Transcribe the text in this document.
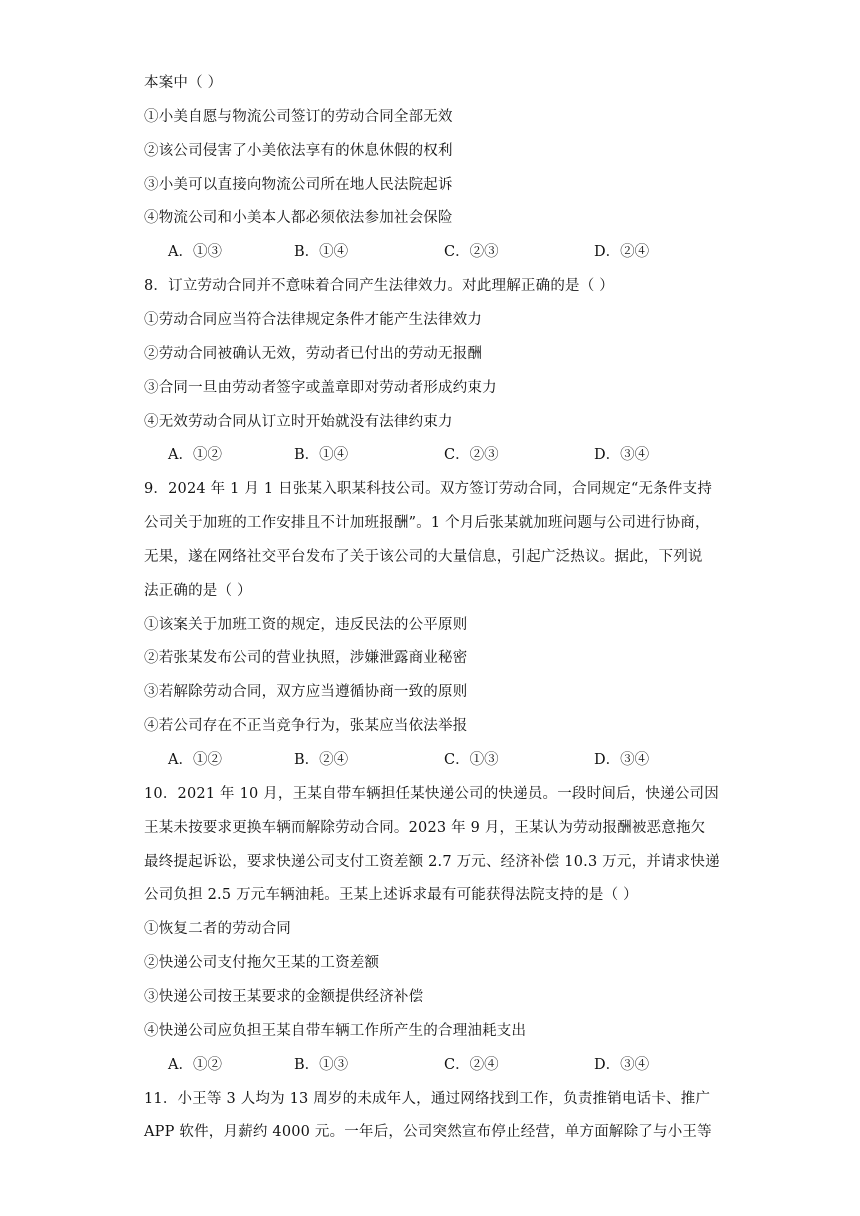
本案中（ ）
①小美自愿与物流公司签订的劳动合同全部无效
②该公司侵害了小美依法享有的休息休假的权利
③小美可以直接向物流公司所在地人民法院起诉
④物流公司和小美本人都必须依法参加社会保险
A．①③	B．①④	C．②③	D．②④
8．订立劳动合同并不意味着合同产生法律效力。对此理解正确的是（ ）
①劳动合同应当符合法律规定条件才能产生法律效力
②劳动合同被确认无效，劳动者已付出的劳动无报酬
③合同一旦由劳动者签字或盖章即对劳动者形成约束力
④无效劳动合同从订立时开始就没有法律约束力
A．①②	B．①④	C．②③	D．③④
9．2024 年 1 月 1 日张某入职某科技公司。双方签订劳动合同，合同规定“无条件支持
公司关于加班的工作安排且不计加班报酬”。1 个月后张某就加班问题与公司进行协商，
无果，遂在网络社交平台发布了关于该公司的大量信息，引起广泛热议。据此，下列说
法正确的是（ ）
①该案关于加班工资的规定，违反民法的公平原则
②若张某发布公司的营业执照，涉嫌泄露商业秘密
③若解除劳动合同，双方应当遵循协商一致的原则
④若公司存在不正当竞争行为，张某应当依法举报
A．①②	B．②④	C．①③	D．③④
10．2021 年 10 月，王某自带车辆担任某快递公司的快递员。一段时间后，快递公司因
王某未按要求更换车辆而解除劳动合同。2023 年 9 月，王某认为劳动报酬被恶意拖欠
最终提起诉讼，要求快递公司支付工资差额 2.7 万元、经济补偿 10.3 万元，并请求快递
公司负担 2.5 万元车辆油耗。王某上述诉求最有可能获得法院支持的是（ ）
①恢复二者的劳动合同
②快递公司支付拖欠王某的工资差额
③快递公司按王某要求的金额提供经济补偿
④快递公司应负担王某自带车辆工作所产生的合理油耗支出
A．①②	B．①③	C．②④	D．③④
11．小王等 3 人均为 13 周岁的未成年人，通过网络找到工作，负责推销电话卡、推广
APP 软件，月薪约 4000 元。一年后，公司突然宣布停止经营，单方面解除了与小王等
